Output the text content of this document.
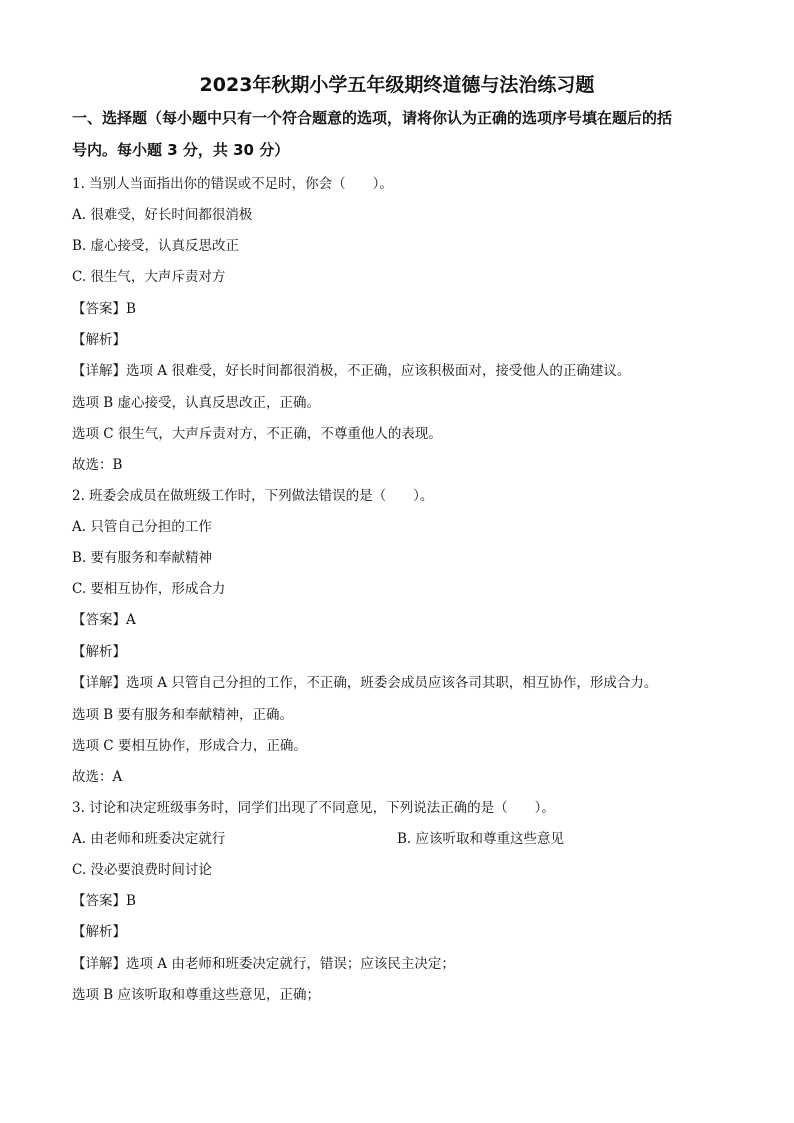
2023年秋期小学五年级期终道德与法治练习题
一、选择题（每小题中只有一个符合题意的选项，请将你认为正确的选项序号填在题后的括
号内。每小题 3 分，共 30 分）
1. 当别人当面指出你的错误或不足时，你会（　　）。
A. 很难受，好长时间都很消极
B. 虚心接受，认真反思改正
C. 很生气，大声斥责对方
【答案】B
【解析】
【详解】选项 A 很难受，好长时间都很消极，不正确，应该积极面对，接受他人的正确建议。
选项 B 虚心接受，认真反思改正，正确。
选项 C 很生气，大声斥责对方，不正确，不尊重他人的表现。
故选：B
2. 班委会成员在做班级工作时，下列做法错误的是（　　）。
A. 只管自己分担的工作
B. 要有服务和奉献精神
C. 要相互协作，形成合力
【答案】A
【解析】
【详解】选项 A 只管自己分担的工作，不正确，班委会成员应该各司其职，相互协作，形成合力。
选项 B 要有服务和奉献精神，正确。
选项 C 要相互协作，形成合力，正确。
故选：A
3. 讨论和决定班级事务时，同学们出现了不同意见，下列说法正确的是（　　）。
A. 由老师和班委决定就行	B. 应该听取和尊重这些意见
C. 没必要浪费时间讨论
【答案】B
【解析】
【详解】选项 A 由老师和班委决定就行，错误；应该民主决定；
选项 B 应该听取和尊重这些意见，正确；
